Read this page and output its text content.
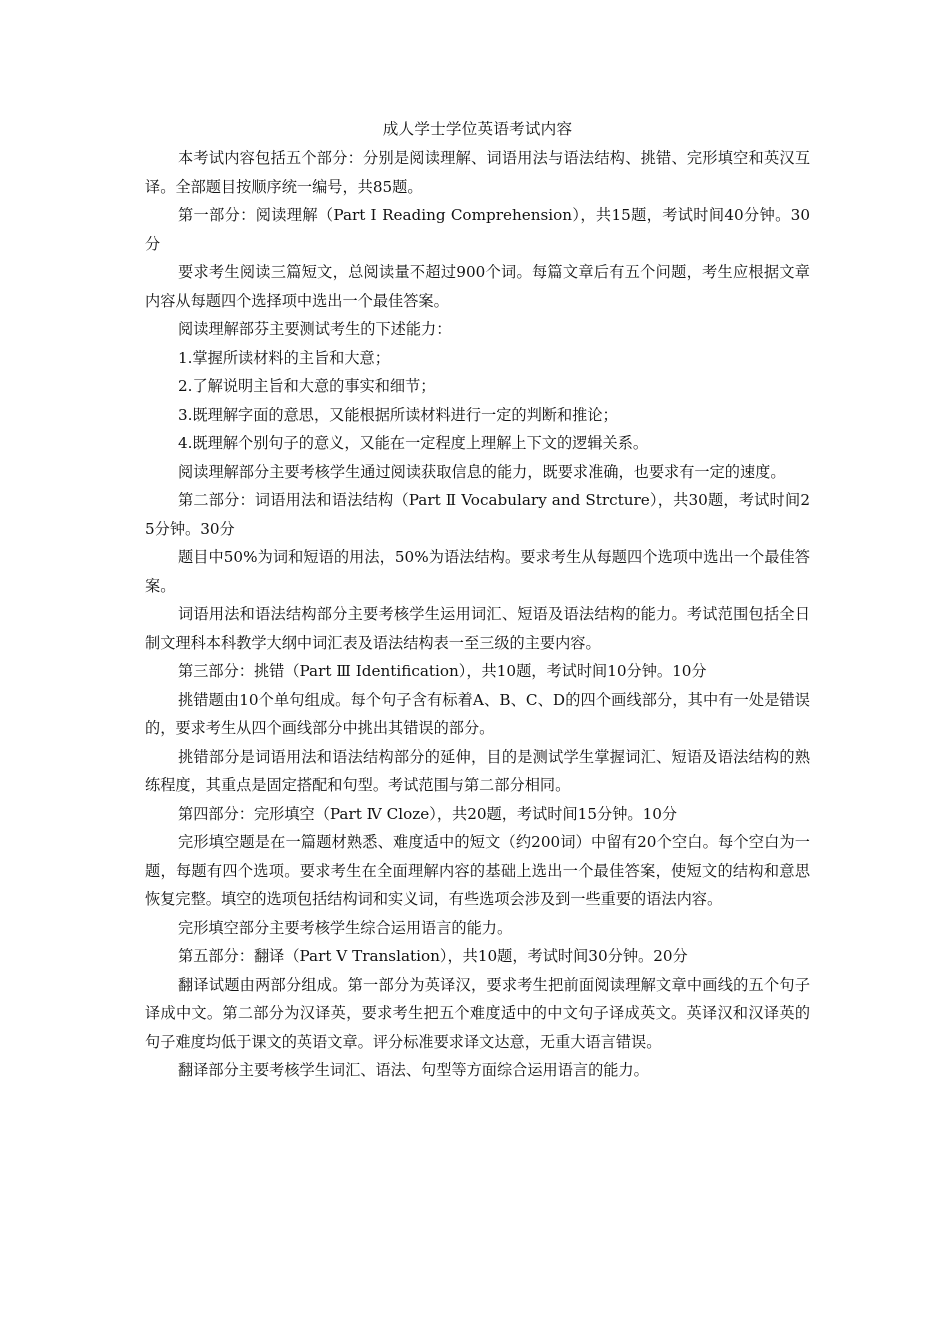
成人学士学位英语考试内容

本考试内容包括五个部分：分别是阅读理解、词语用法与语法结构、挑错、完形填空和英汉互译。全部题目按顺序统一编号，共85题。

第一部分：阅读理解（Part Ⅰ Reading Comprehension），共15题，考试时间40分钟。30分

要求考生阅读三篇短文，总阅读量不超过900个词。每篇文章后有五个问题，考生应根据文章内容从每题四个选择项中选出一个最佳答案。

阅读理解部芬主要测试考生的下述能力：

1.掌握所读材料的主旨和大意；

2.了解说明主旨和大意的事实和细节；

3.既理解字面的意思，又能根据所读材料进行一定的判断和推论；

4.既理解个别句子的意义，又能在一定程度上理解上下文的逻辑关系。

阅读理解部分主要考核学生通过阅读获取信息的能力，既要求准确，也要求有一定的速度。

第二部分：词语用法和语法结构（Part Ⅱ Vocabulary and Strcture），共30题，考试时间25分钟。30分

题目中50%为词和短语的用法，50%为语法结构。要求考生从每题四个选项中选出一个最佳答案。

词语用法和语法结构部分主要考核学生运用词汇、短语及语法结构的能力。考试范围包括全日制文理科本科教学大纲中词汇表及语法结构表一至三级的主要内容。

第三部分：挑错（Part Ⅲ Identification），共10题，考试时间10分钟。10分

挑错题由10个单句组成。每个句子含有标着A、B、C、D的四个画线部分，其中有一处是错误的，要求考生从四个画线部分中挑出其错误的部分。

挑错部分是词语用法和语法结构部分的延伸，目的是测试学生掌握词汇、短语及语法结构的熟练程度，其重点是固定搭配和句型。考试范围与第二部分相同。

第四部分：完形填空（Part Ⅳ Cloze），共20题，考试时间15分钟。10分

完形填空题是在一篇题材熟悉、难度适中的短文（约200词）中留有20个空白。每个空白为一题，每题有四个选项。要求考生在全面理解内容的基础上选出一个最佳答案，使短文的结构和意思恢复完整。填空的选项包括结构词和实义词，有些选项会涉及到一些重要的语法内容。

完形填空部分主要考核学生综合运用语言的能力。

第五部分：翻译（Part Ⅴ Translation），共10题，考试时间30分钟。20分

翻译试题由两部分组成。第一部分为英译汉，要求考生把前面阅读理解文章中画线的五个句子译成中文。第二部分为汉译英，要求考生把五个难度适中的中文句子译成英文。英译汉和汉译英的句子难度均低于课文的英语文章。评分标准要求译文达意，无重大语言错误。

翻译部分主要考核学生词汇、语法、句型等方面综合运用语言的能力。
